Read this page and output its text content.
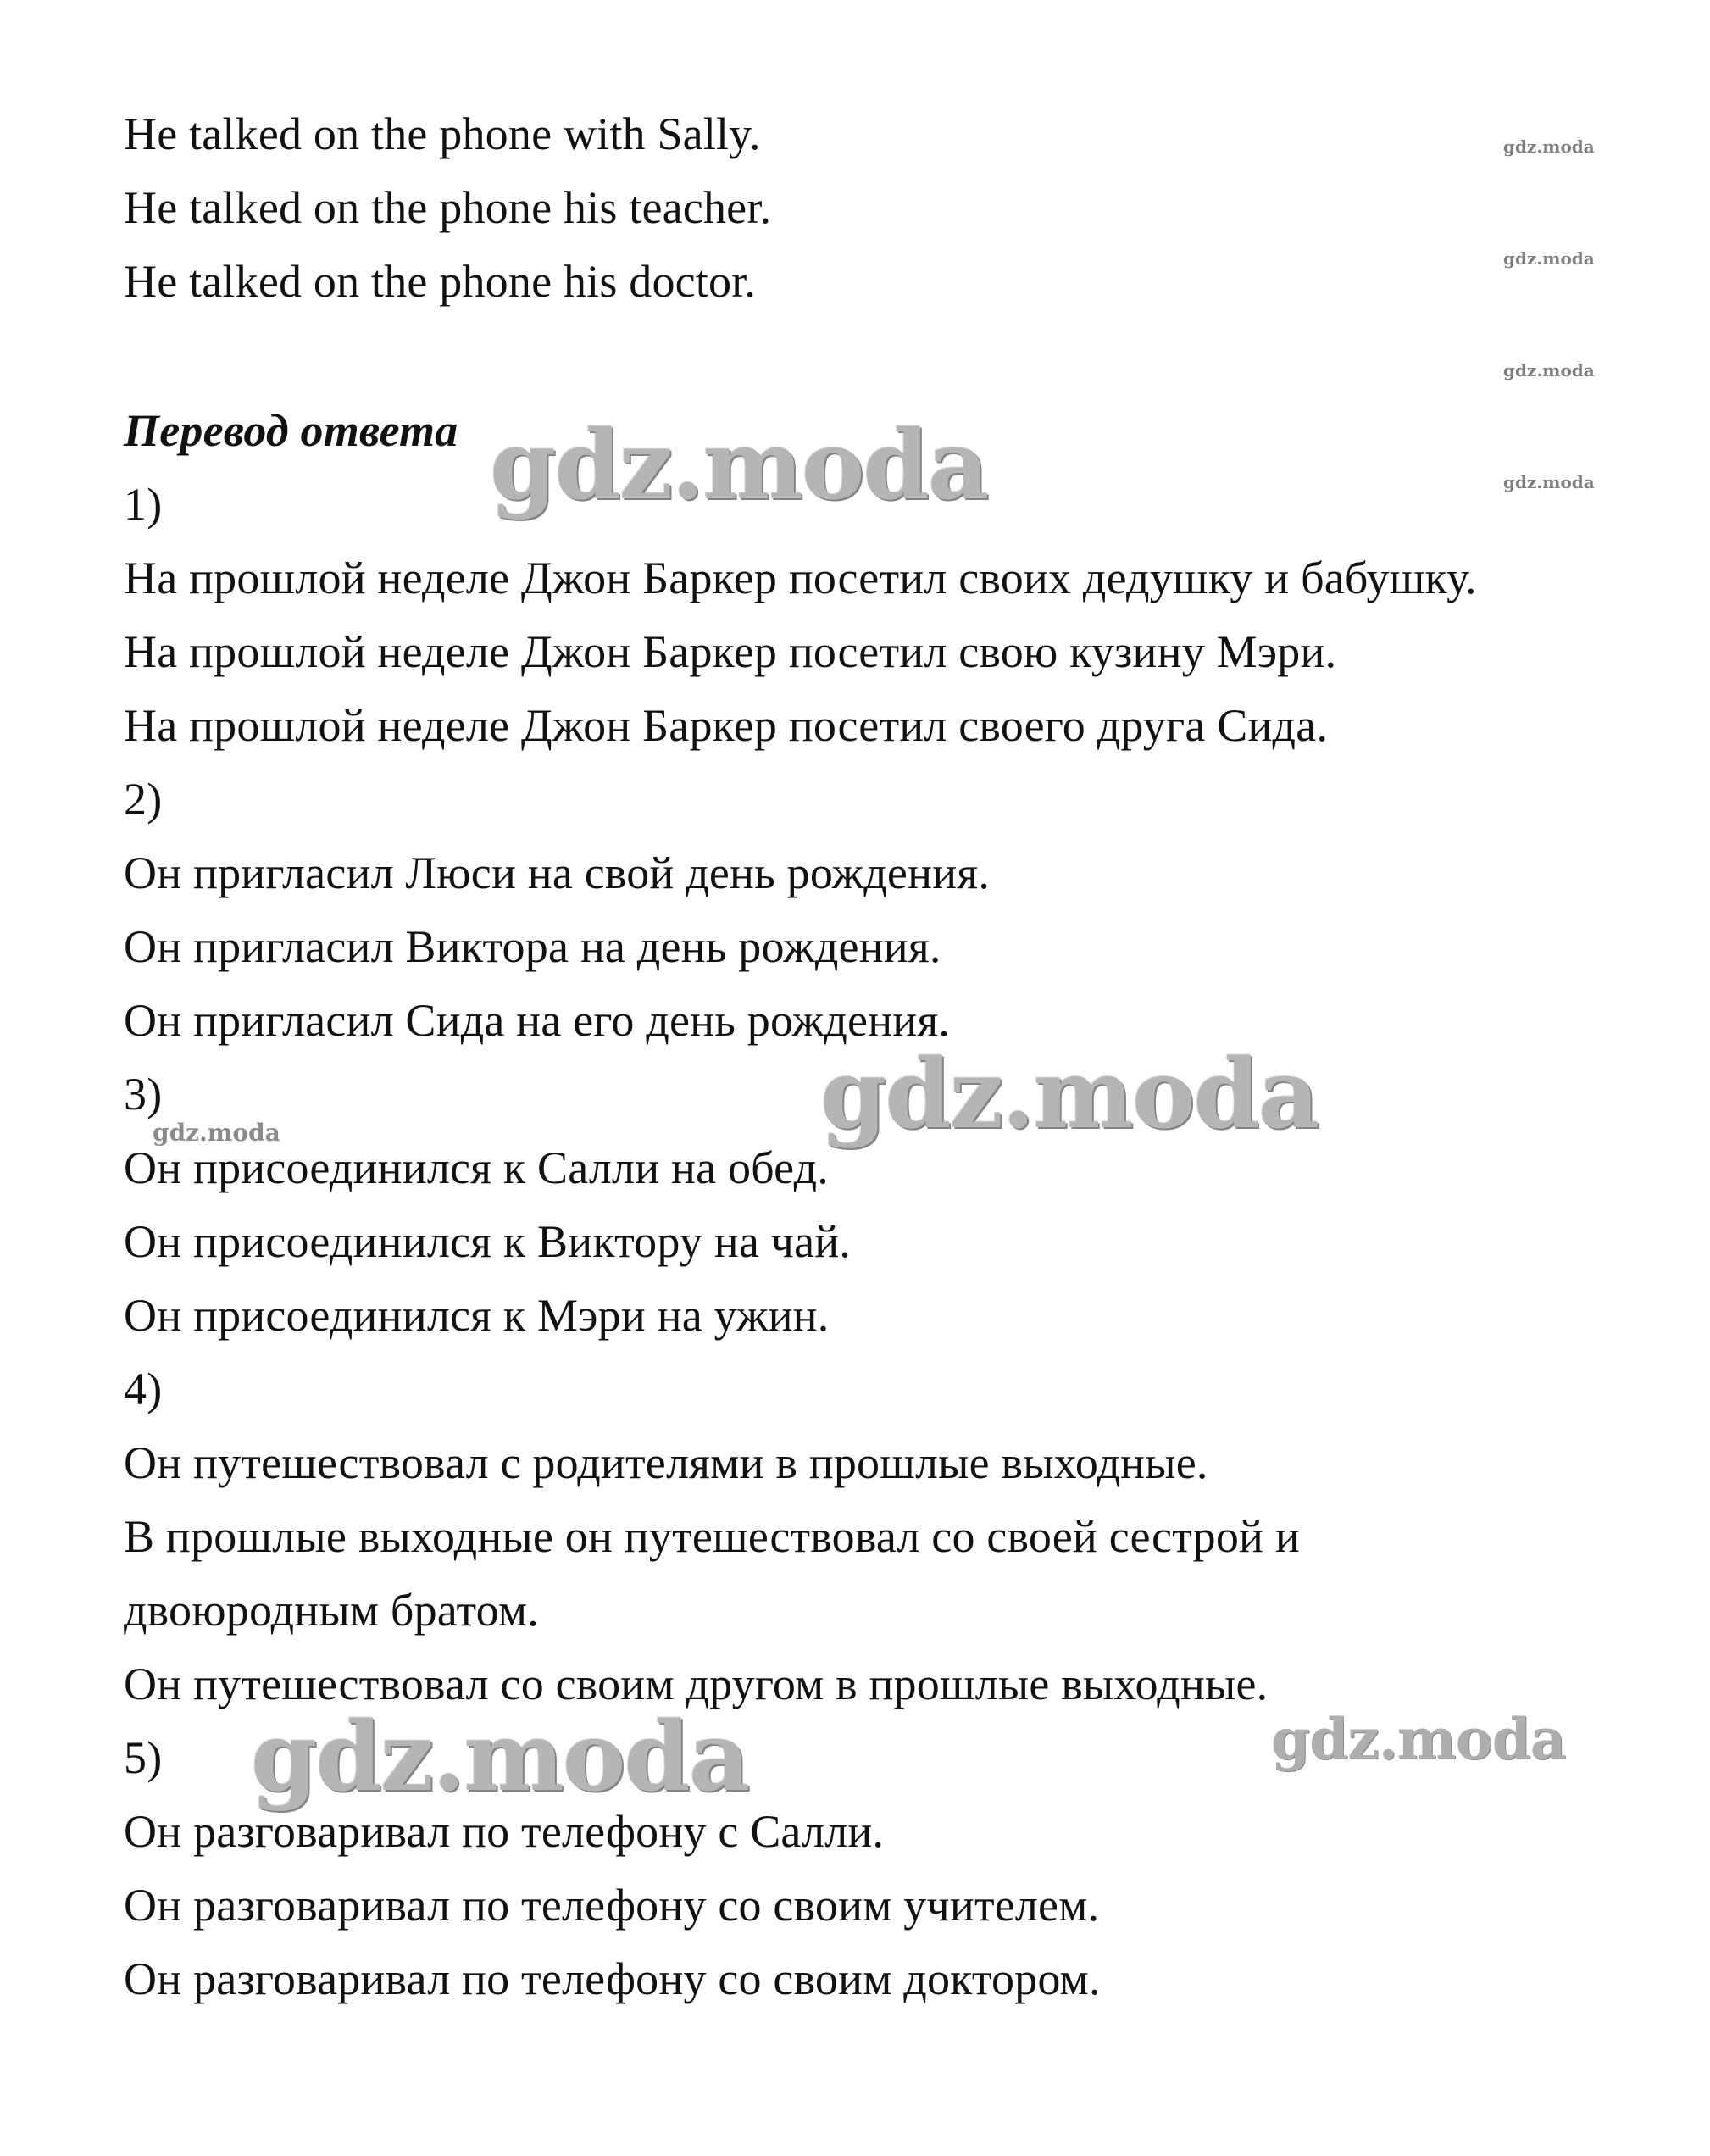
He talked on the phone with Sally.
He talked on the phone his teacher.
He talked on the phone his doctor.
Перевод ответа
1)
На прошлой неделе Джон Баркер посетил своих дедушку и бабушку.
На прошлой неделе Джон Баркер посетил свою кузину Мэри.
На прошлой неделе Джон Баркер посетил своего друга Сида.
2)
Он пригласил Люси на свой день рождения.
Он пригласил Виктора на день рождения.
Он пригласил Сида на его день рождения.
3)
Он присоединился к Салли на обед.
Он присоединился к Виктору на чай.
Он присоединился к Мэри на ужин.
4)
Он путешествовал с родителями в прошлые выходные.
В прошлые выходные он путешествовал со своей сестрой и
двоюродным братом.
Он путешествовал со своим другом в прошлые выходные.
5)
Он разговаривал по телефону с Салли.
Он разговаривал по телефону со своим учителем.
Он разговаривал по телефону со своим доктором.
gdz.moda
gdz.moda
gdz.moda
gdz.moda
gdz.moda
gdz.moda
gdz.moda
gdz.moda	gdz.moda
